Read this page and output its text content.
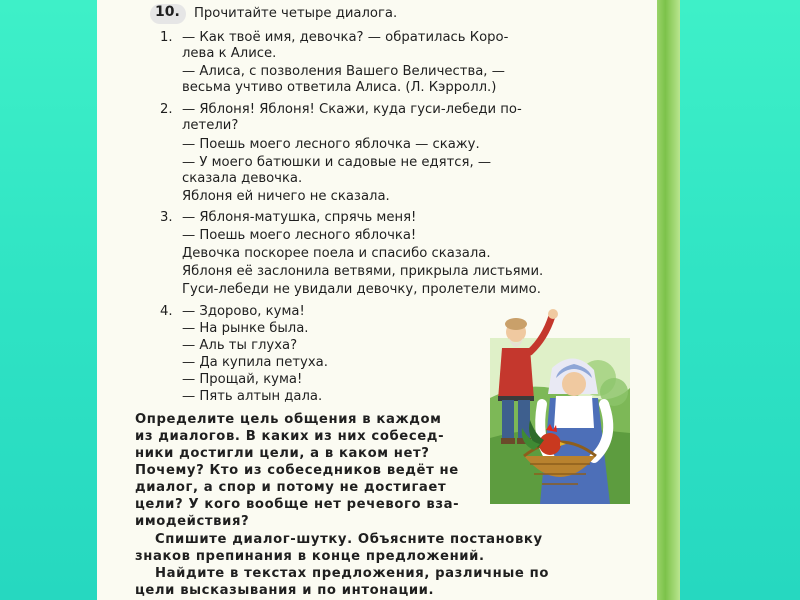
10. Прочитайте четыре диалога.
1. — Как твоё имя, девочка? — обратилась Коро-
лева к Алисе.
— Алиса, с позволения Вашего Величества, —
весьма учтиво ответила Алиса. (Л. Кэрролл.)
2. — Яблоня! Яблоня! Скажи, куда гуси-лебеди по-
летели?
— Поешь моего лесного яблочка — скажу.
— У моего батюшки и садовые не едятся, —
сказала девочка.
Яблоня ей ничего не сказала.
3. — Яблоня-матушка, спрячь меня!
— Поешь моего лесного яблочка!
Девочка поскорее поела и спасибо сказала.
Яблоня её заслонила ветвями, прикрыла листьями.
Гуси-лебеди не увидали девочку, пролетели мимо.
4. — Здорово, кума!
— На рынке была.
— Аль ты глуха?
— Да купила петуха.
— Прощай, кума!
— Пять алтын дала.
Определите цель общения в каждом
из диалогов. В каких из них собесед-
ники достигли цели, а в каком нет?
Почему? Кто из собеседников ведёт не
диалог, а спор и потому не достигает
цели? У кого вообще нет речевого вза-
имодействия?
Спишите диалог-шутку. Объясните постановку
знаков препинания в конце предложений.
Найдите в текстах предложения, различные по
цели высказывания и по интонации.
